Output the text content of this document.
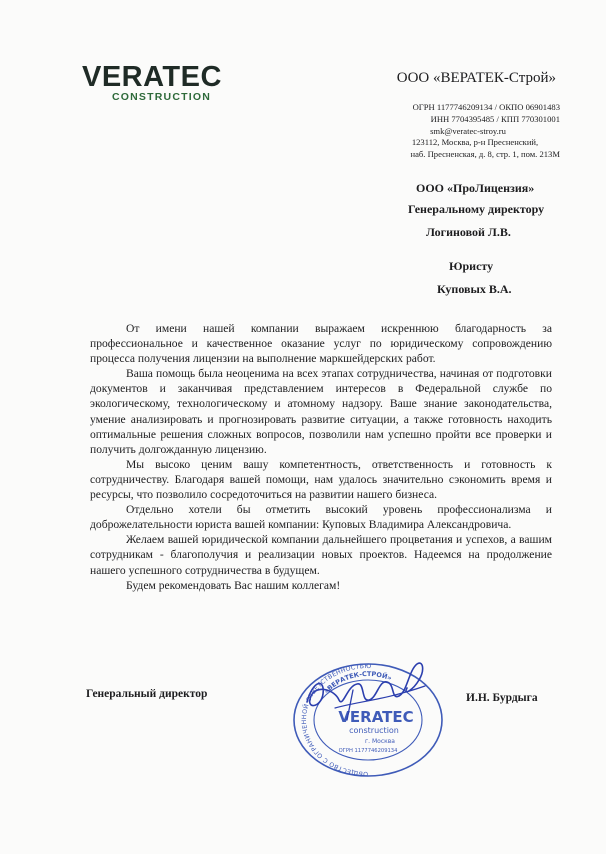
VERATEC
CONSTRUCTION
ООО «ВЕРАТЕК-Строй»
ОГРН 1177746209134 / ОКПО 06901483
ИНН 7704395485 / КПП 770301001
smk@veratec-stroy.ru
123112, Москва, р-н Пресненский,
наб. Пресненская, д. 8, стр. 1, пом. 213М
ООО «ПроЛицензия»
Генеральному директору
Логиновой Л.В.
Юристу
Куповых В.А.

От имени нашей компании выражаем искреннюю благодарность за профессиональное и качественное оказание услуг по юридическому сопровождению процесса получения лицензии на выполнение маркшейдерских работ.

Ваша помощь была неоценима на всех этапах сотрудничества, начиная от подготовки документов и заканчивая представлением интересов в Федеральной службе по экологическому, технологическому и атомному надзору. Ваше знание законодательства, умение анализировать и прогнозировать развитие ситуации, а также готовность находить оптимальные решения сложных вопросов, позволили нам успешно пройти все проверки и получить долгожданную лицензию.

Мы высоко ценим вашу компетентность, ответственность и готовность к сотрудничеству. Благодаря вашей помощи, нам удалось значительно сэкономить время и ресурсы, что позволило сосредоточиться на развитии нашего бизнеса.

Отдельно хотели бы отметить высокий уровень профессионализма и доброжелательности юриста вашей компании: Куповых Владимира Александровича.

Желаем вашей юридической компании дальнейшего процветания и успехов, а вашим сотрудникам - благополучия и реализации новых проектов. Надеемся на продолжение нашего успешного сотрудничества в будущем.

Будем рекомендовать Вас нашим коллегам!

Генеральный директор
ОБЩЕСТВО С ОГРАНИЧЕННОЙ ОТВЕТСТВЕННОСТЬЮ
«ВЕРАТЕК-СТРОЙ»
VERATEC
construction
г. Москва
ОГРН 1177746209134
И.Н. Бурдыга
